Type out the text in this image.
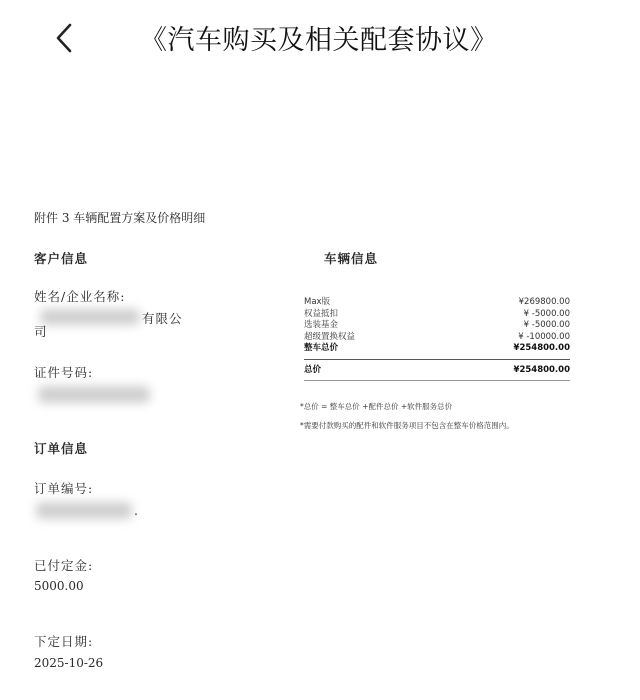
《汽车购买及相关配套协议》
附件 3 车辆配置方案及价格明细
客户信息
姓名/企业名称:
有限公
司
证件号码:
订单信息
订单编号:
.
已付定金:
5000.00
下定日期:
2025-10-26
车辆信息
Max版	¥269800.00
权益抵扣	¥ -5000.00
选装基金	¥ -5000.00
超级置换权益	¥ -10000.00
整车总价	¥254800.00
总价	¥254800.00
*总价 = 整车总价 +配件总价 +软件服务总价
*需要付款购买的配件和软件服务项目不包含在整车价格范围内。
